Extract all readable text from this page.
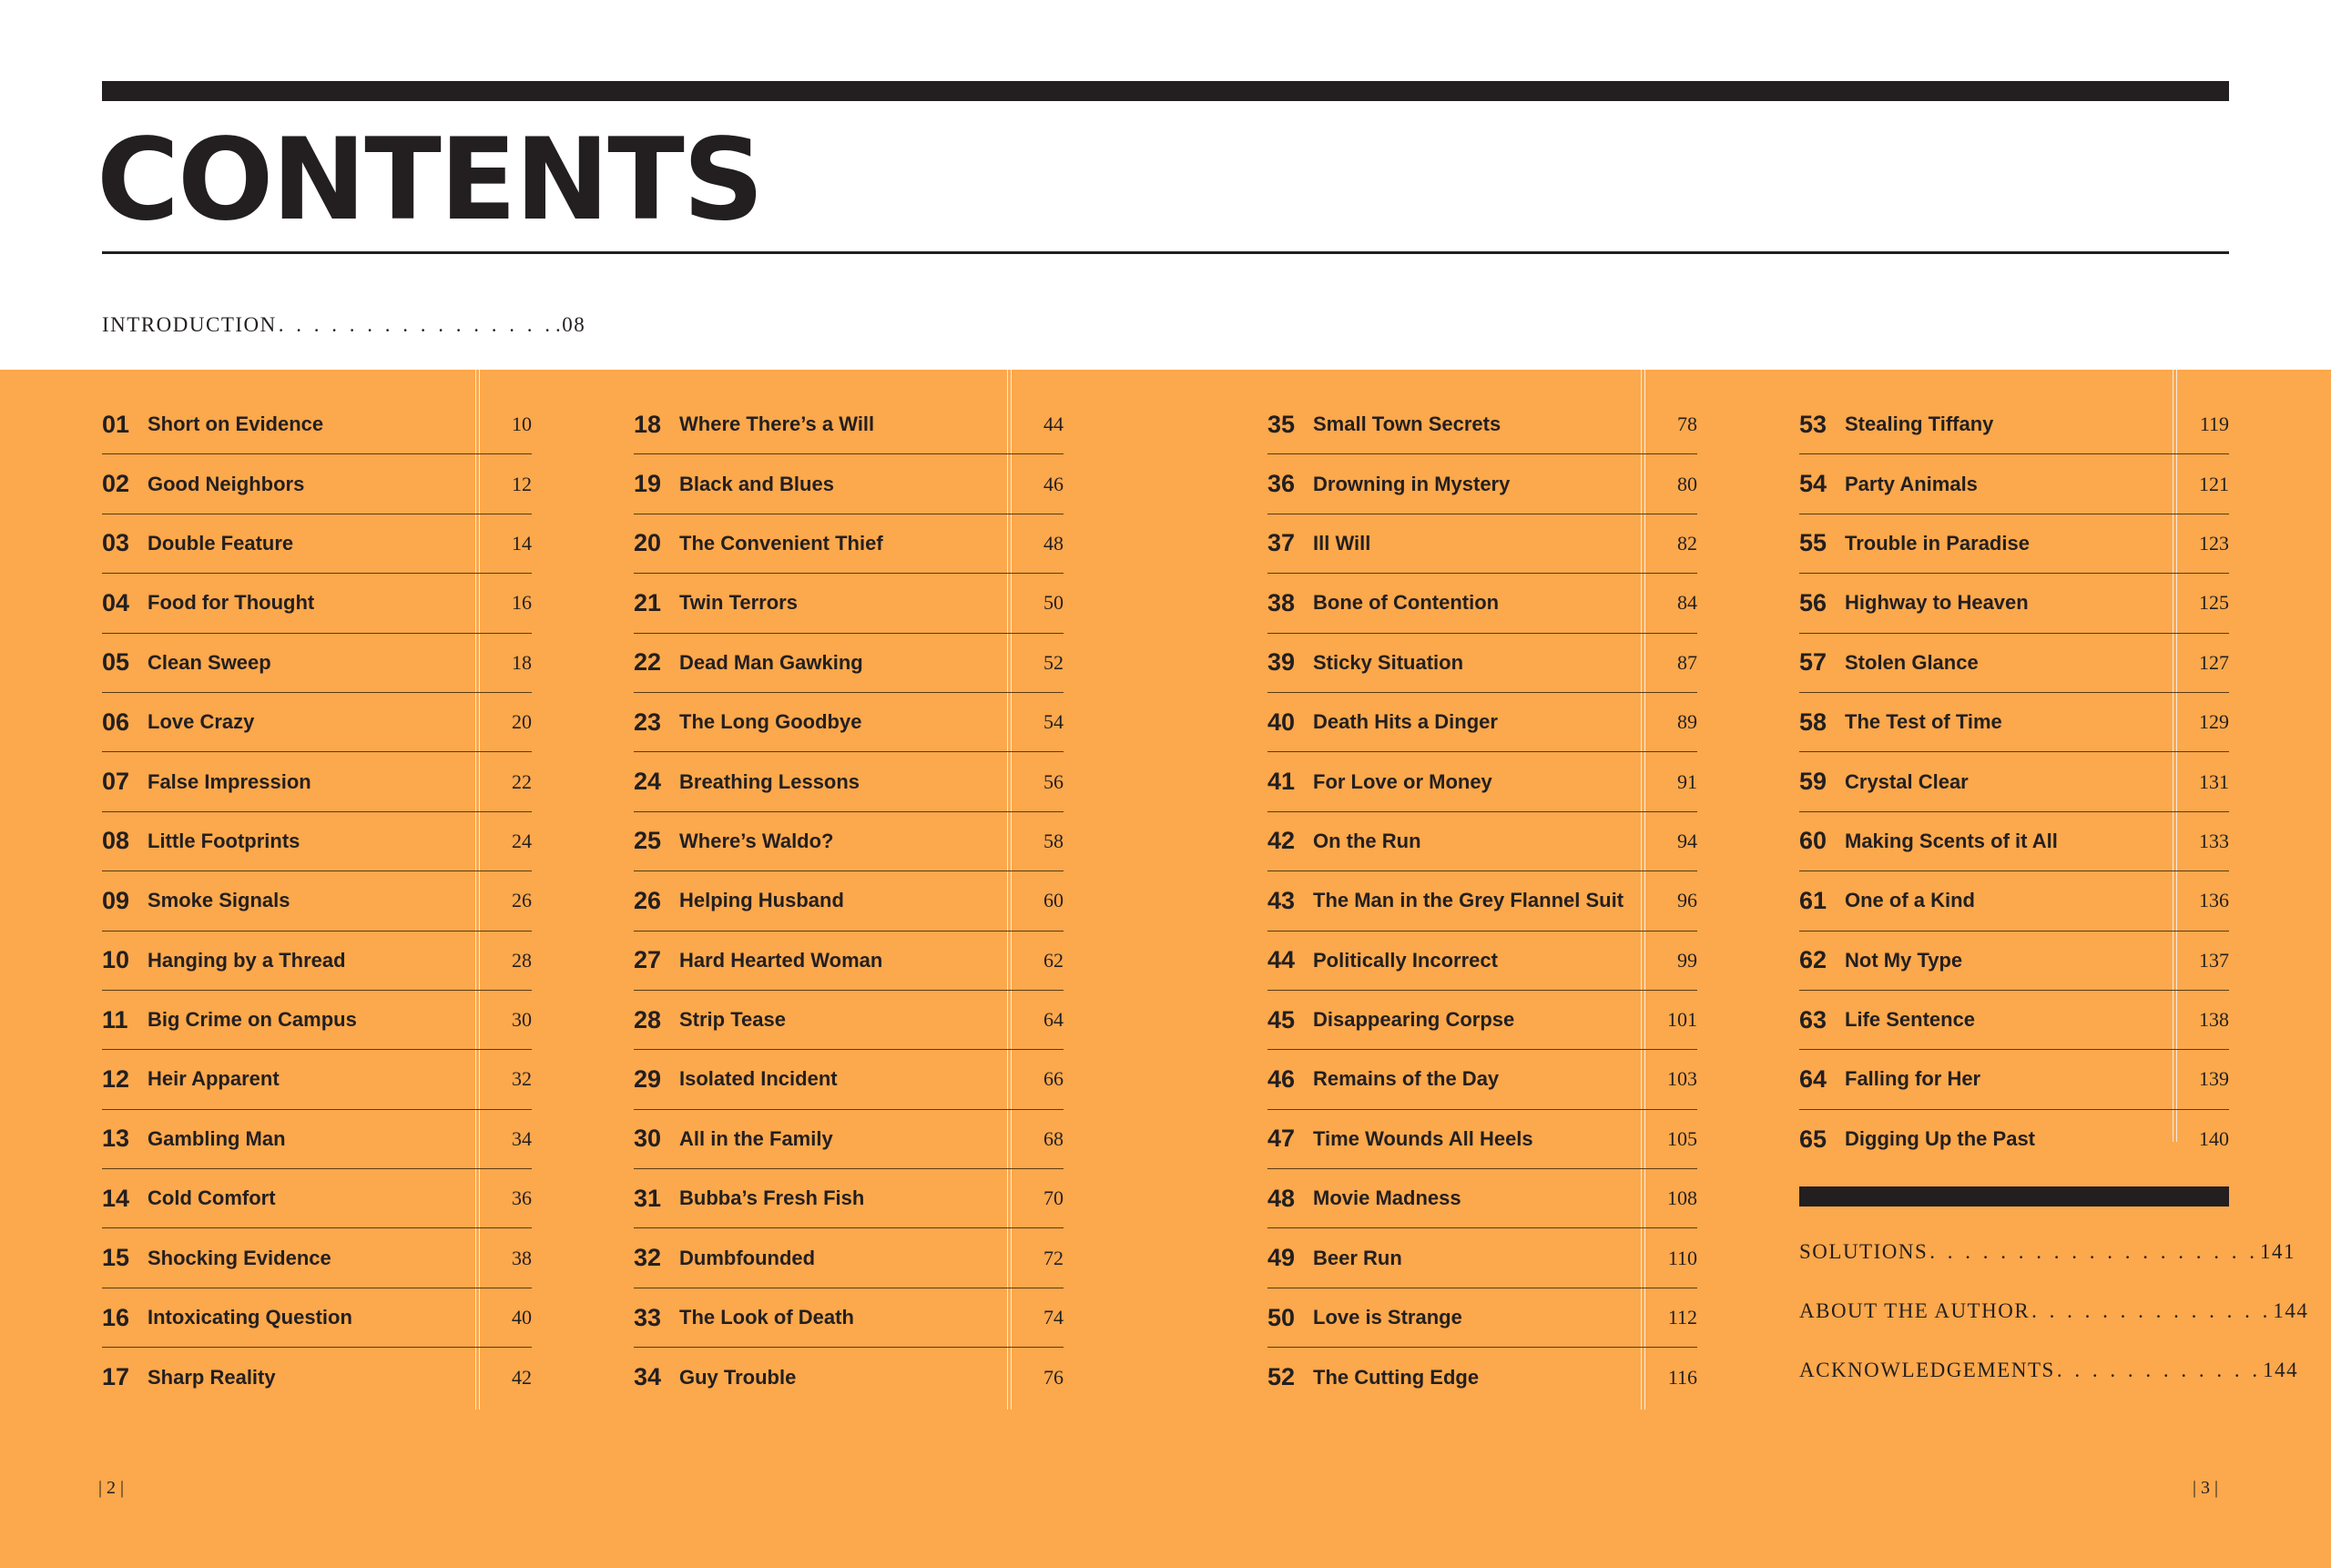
CONTENTS
INTRODUCTION . . . . . . . . . . . . . . . . .08
01 Short on Evidence	10
02 Good Neighbors	12
03 Double Feature	14
04 Food for Thought	16
05 Clean Sweep	18
06 Love Crazy	20
07 False Impression	22
08 Little Footprints	24
09 Smoke Signals	26
10 Hanging by a Thread	28
11 Big Crime on Campus	30
12 Heir Apparent	32
13 Gambling Man	34
14 Cold Comfort	36
15 Shocking Evidence	38
16 Intoxicating Question	40
17 Sharp Reality	42
18 Where There’s a Will	44
19 Black and Blues	46
20 The Convenient Thief	48
21 Twin Terrors	50
22 Dead Man Gawking	52
23 The Long Goodbye	54
24 Breathing Lessons	56
25 Where’s Waldo?	58
26 Helping Husband	60
27 Hard Hearted Woman	62
28 Strip Tease	64
29 Isolated Incident	66
30 All in the Family	68
31 Bubba’s Fresh Fish	70
32 Dumbfounded	72
33 The Look of Death	74
34 Guy Trouble	76
35 Small Town Secrets	78
36 Drowning in Mystery	80
37 Ill Will	82
38 Bone of Contention	84
39 Sticky Situation	87
40 Death Hits a Dinger	89
41 For Love or Money	91
42 On the Run	94
43 The Man in the Grey Flannel Suit	96
44 Politically Incorrect	99
45 Disappearing Corpse	101
46 Remains of the Day	103
47 Time Wounds All Heels	105
48 Movie Madness	108
49 Beer Run	110
50 Love is Strange	112
52 The Cutting Edge	116
53 Stealing Tiffany	119
54 Party Animals	121
55 Trouble in Paradise	123
56 Highway to Heaven	125
57 Stolen Glance	127
58 The Test of Time	129
59 Crystal Clear	131
60 Making Scents of it All	133
61 One of a Kind	136
62 Not My Type	137
63 Life Sentence	138
64 Falling for Her	139
65 Digging Up the Past	140
SOLUTIONS . . . . . . . . . . . . . . . . . . . 141
ABOUT THE AUTHOR . . . . . . . . . . . . . . 144
ACKNOWLEDGEMENTS . . . . . . . . . . . . 144
| 2 |	| 3 |
